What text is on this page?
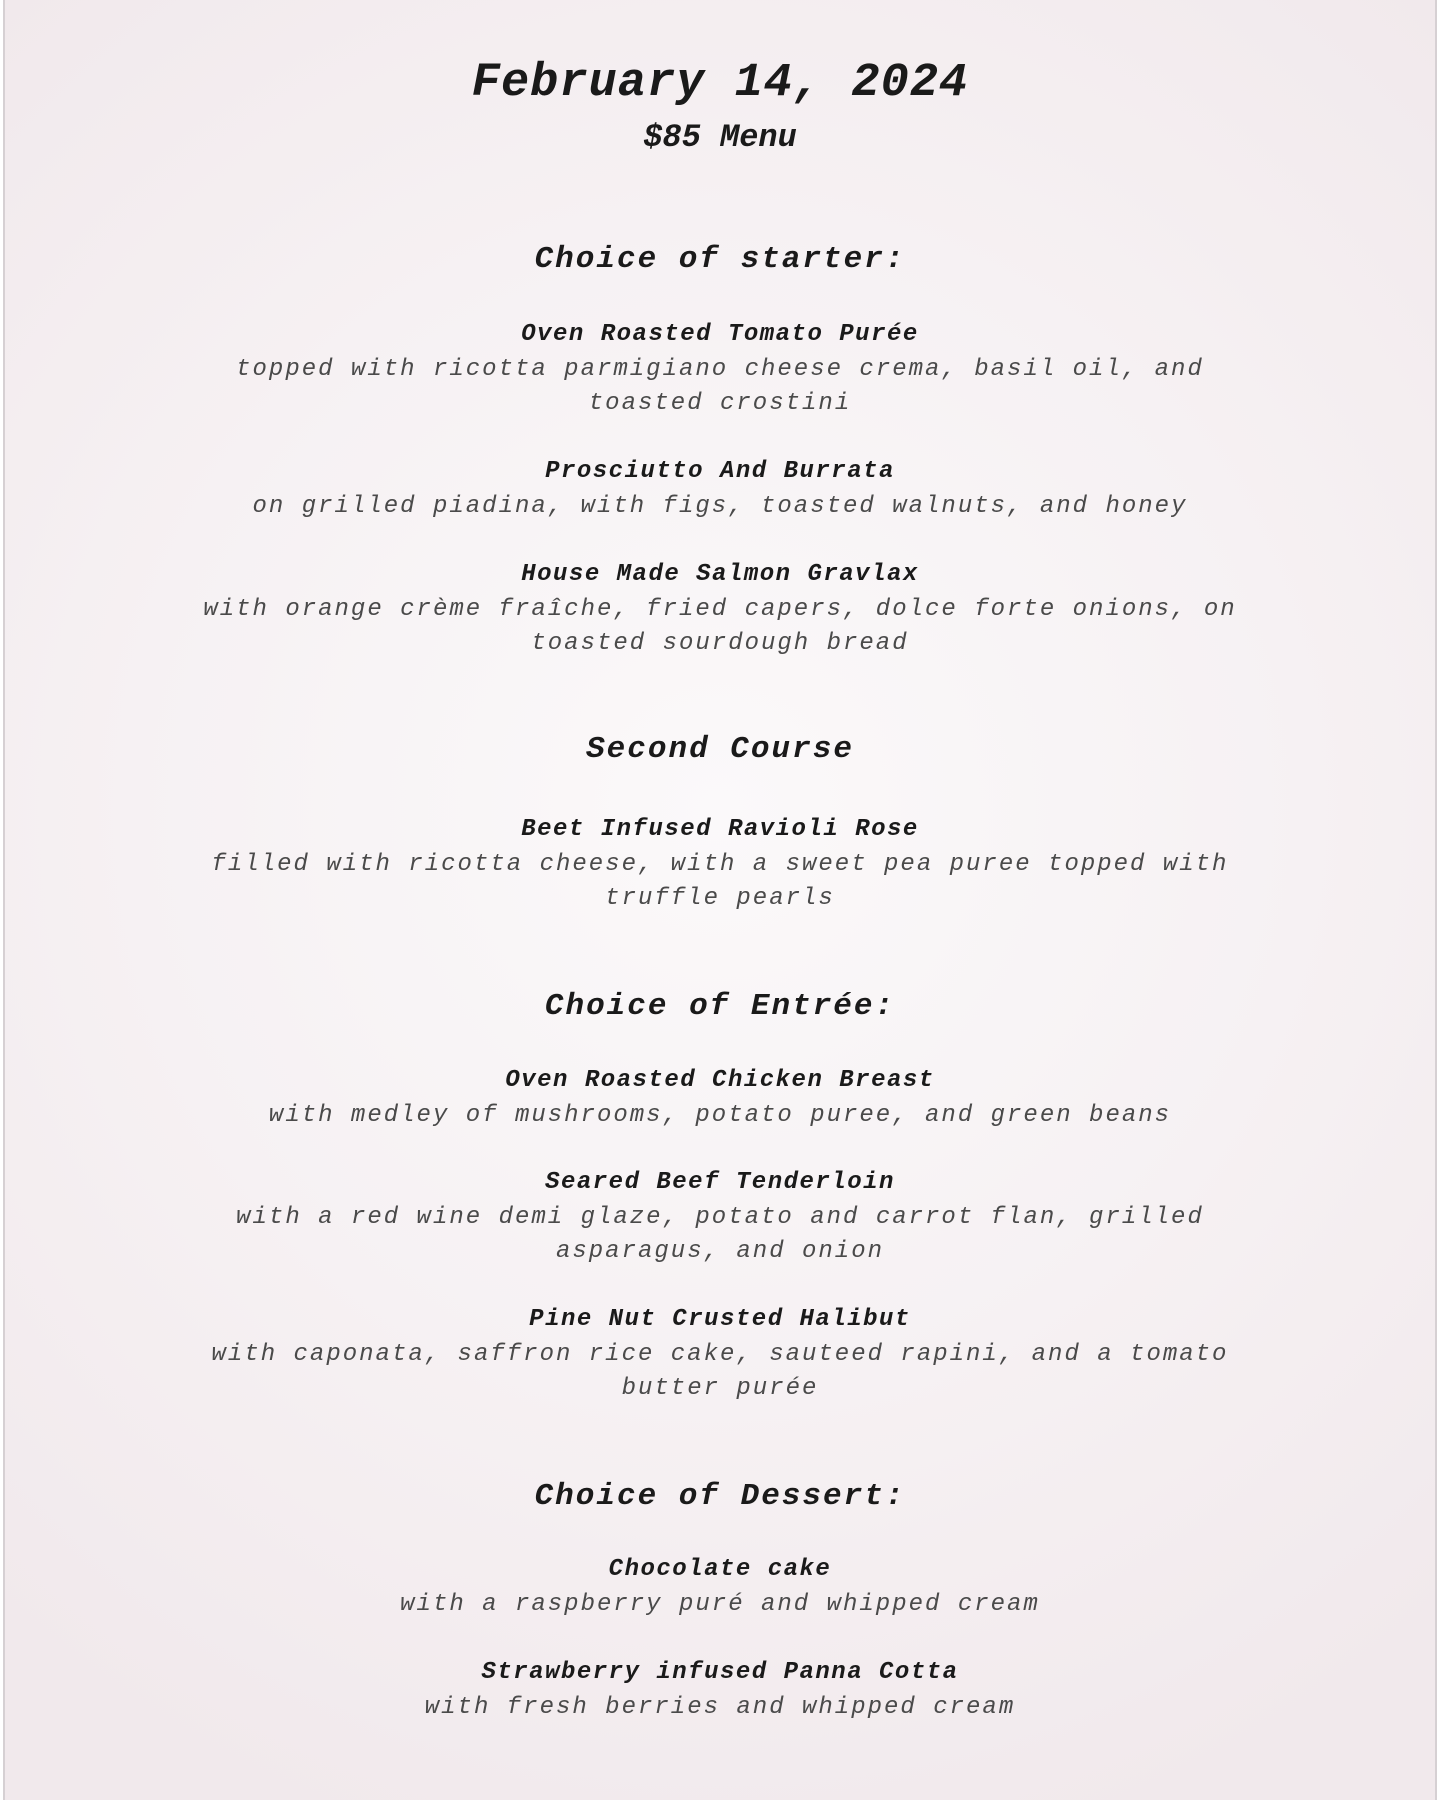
February 14, 2024
$85 Menu
Choice of starter:
Oven Roasted Tomato Purée
topped with ricotta parmigiano cheese crema, basil oil, and toasted crostini
Prosciutto And Burrata
on grilled piadina, with figs, toasted walnuts, and honey
House Made Salmon Gravlax
with orange crème fraîche, fried capers, dolce forte onions, on toasted sourdough bread
Second Course
Beet Infused Ravioli Rose
filled with ricotta cheese, with a sweet pea puree topped with truffle pearls
Choice of Entrée:
Oven Roasted Chicken Breast
with medley of mushrooms, potato puree, and green beans
Seared Beef Tenderloin
with a red wine demi glaze, potato and carrot flan, grilled asparagus, and onion
Pine Nut Crusted Halibut
with caponata, saffron rice cake, sauteed rapini, and a tomato butter purée
Choice of Dessert:
Chocolate cake
with a raspberry puré and whipped cream
Strawberry infused Panna Cotta
with fresh berries and whipped cream
